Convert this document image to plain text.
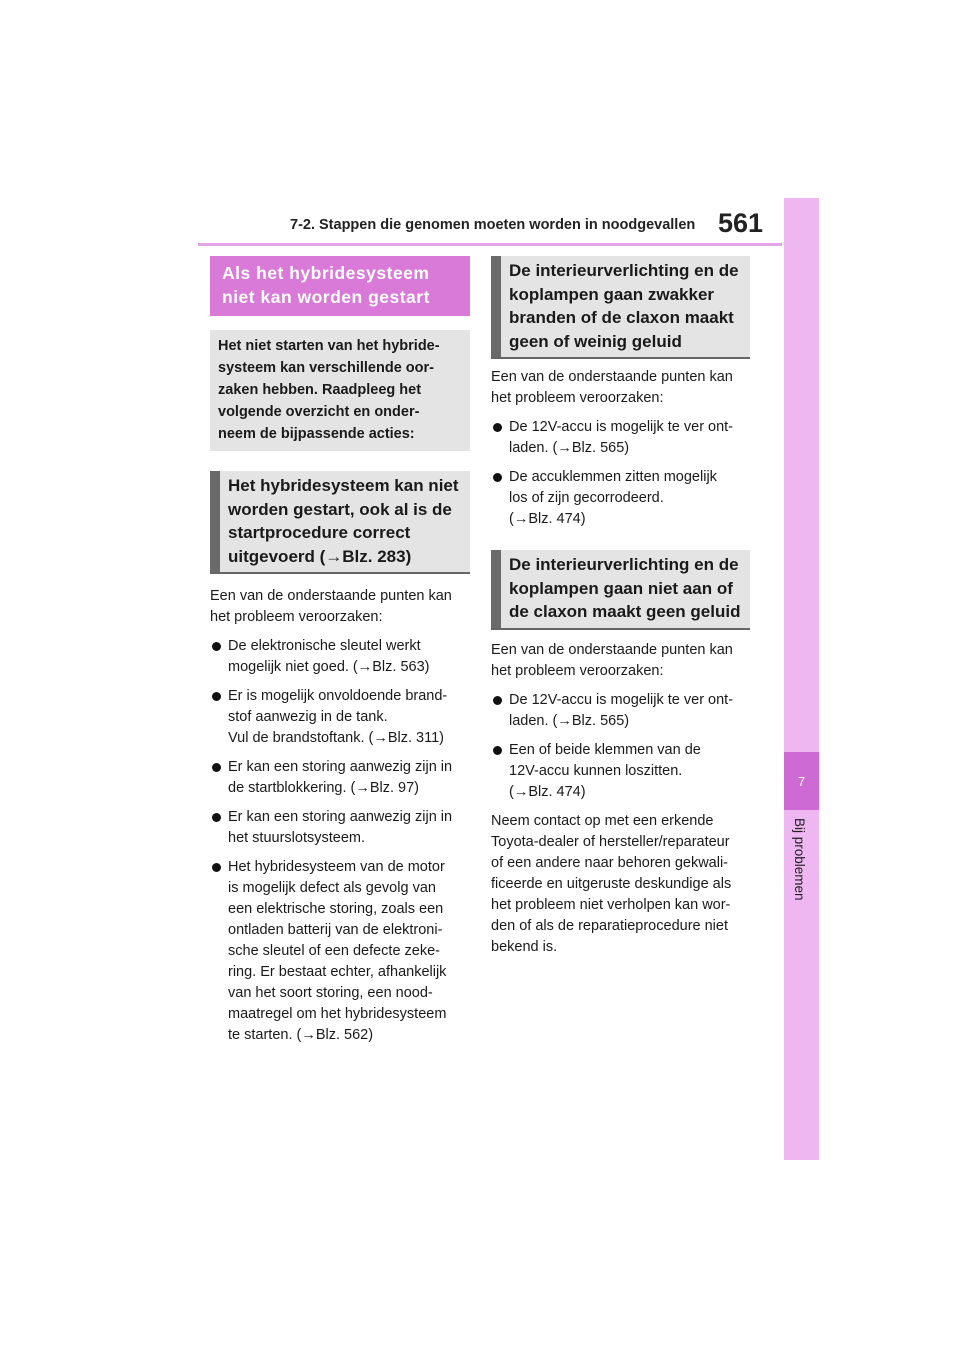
7-2. Stappen die genomen moeten worden in noodgevallen 561
7
Bij problemen
Als het hybridesysteem niet kan worden gestart
Het niet starten van het hybride-
systeem kan verschillende oor-
zaken hebben. Raadpleeg het
volgende overzicht en onder-
neem de bijpassende acties:
Het hybridesysteem kan niet
worden gestart, ook al is de
startprocedure correct
uitgevoerd (→Blz. 283)

Een van de onderstaande punten kan
het probleem veroorzaken:

De elektronische sleutel werkt
mogelijk niet goed. (→Blz. 563)
Er is mogelijk onvoldoende brand-
stof aanwezig in de tank.
Vul de brandstoftank. (→Blz. 311)
Er kan een storing aanwezig zijn in
de startblokkering. (→Blz. 97)
Er kan een storing aanwezig zijn in
het stuurslotsysteem.
Het hybridesysteem van de motor
is mogelijk defect als gevolg van
een elektrische storing, zoals een
ontladen batterij van de elektroni-
sche sleutel of een defecte zeke-
ring. Er bestaat echter, afhankelijk
van het soort storing, een nood-
maatregel om het hybridesysteem
te starten. (→Blz. 562)
De interieurverlichting en de
koplampen gaan zwakker
branden of de claxon maakt
geen of weinig geluid

Een van de onderstaande punten kan
het probleem veroorzaken:

De 12V-accu is mogelijk te ver ont-
laden. (→Blz. 565)
De accuklemmen zitten mogelijk
los of zijn gecorrodeerd.
(→Blz. 474)
De interieurverlichting en de
koplampen gaan niet aan of
de claxon maakt geen geluid

Een van de onderstaande punten kan
het probleem veroorzaken:

De 12V-accu is mogelijk te ver ont-
laden. (→Blz. 565)
Een of beide klemmen van de
12V-accu kunnen loszitten.
(→Blz. 474)

Neem contact op met een erkende
Toyota-dealer of hersteller/reparateur
of een andere naar behoren gekwali-
ficeerde en uitgeruste deskundige als
het probleem niet verholpen kan wor-
den of als de reparatieprocedure niet
bekend is.
